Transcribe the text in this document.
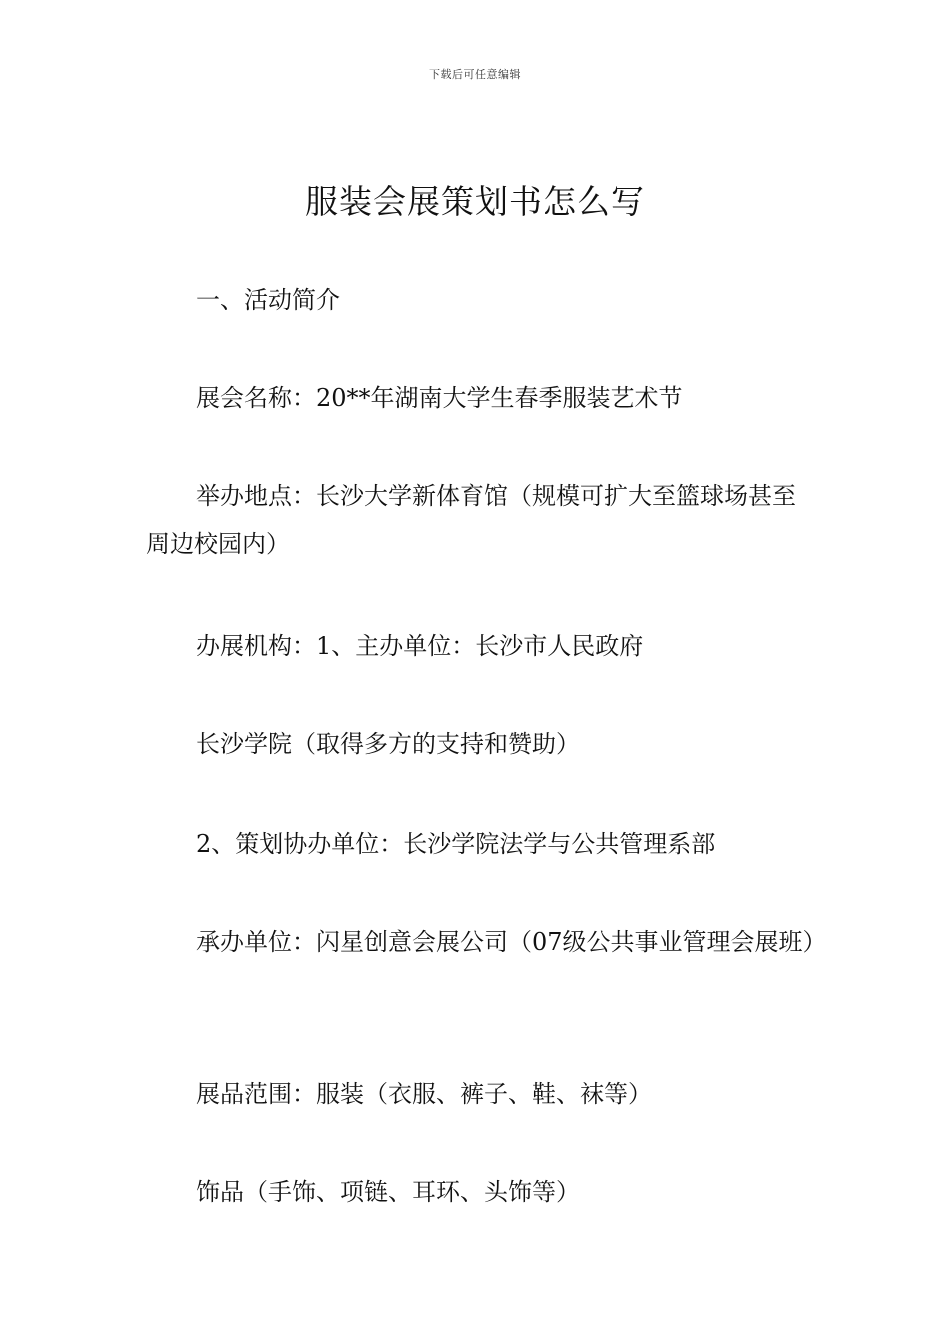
下载后可任意编辑
服装会展策划书怎么写

一、活动简介

展会名称：20**年湖南大学生春季服装艺术节

举办地点：长沙大学新体育馆（规模可扩大至篮球场甚至周边校园内）

办展机构：1、主办单位：长沙市人民政府

长沙学院（取得多方的支持和赞助）

2、策划协办单位：长沙学院法学与公共管理系部

承办单位：闪星创意会展公司（07级公共事业管理会展班）

展品范围：服装（衣服、裤子、鞋、袜等）

饰品（手饰、项链、耳环、头饰等）
